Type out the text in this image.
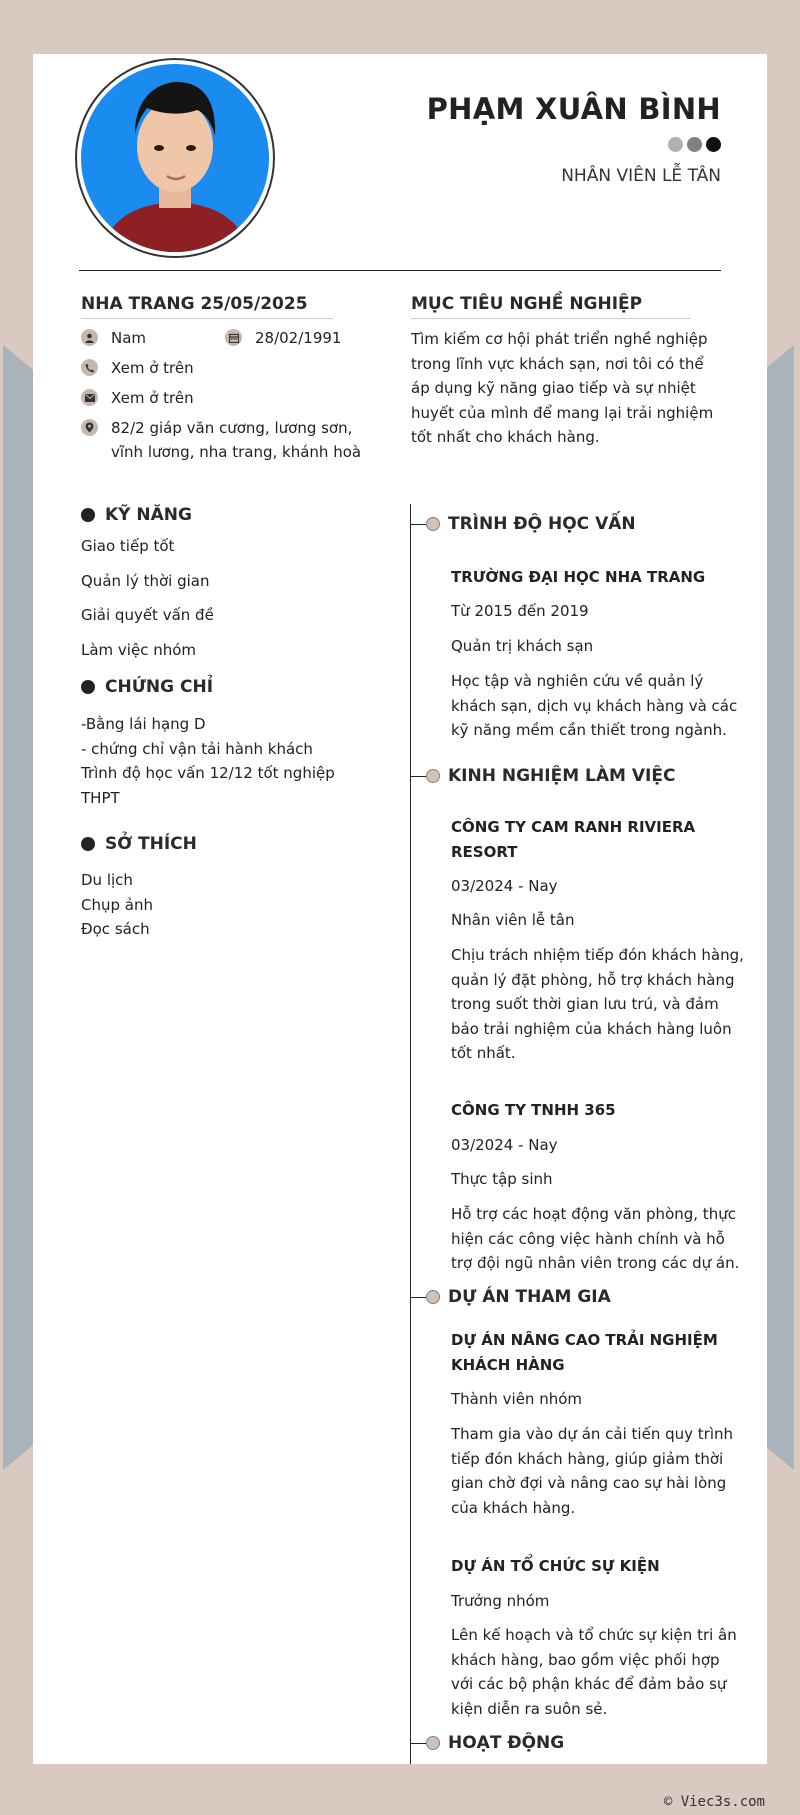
PHẠM XUÂN BÌNH
NHÂN VIÊN LỄ TÂN
NHA TRANG 25/05/2025
Nam	28/02/1991
Xem ở trên
Xem ở trên
82/2 giáp văn cương, lương sơn, vĩnh lương, nha trang, khánh hoà
MỤC TIÊU NGHỀ NGHIỆP
Tìm kiếm cơ hội phát triển nghề nghiệp trong lĩnh vực khách sạn, nơi tôi có thể áp dụng kỹ năng giao tiếp và sự nhiệt huyết của mình để mang lại trải nghiệm tốt nhất cho khách hàng.
KỸ NĂNG
Giao tiếp tốt
Quản lý thời gian
Giải quyết vấn đề
Làm việc nhóm
CHỨNG CHỈ
-Bằng lái hạng D
- chứng chỉ vận tải hành khách
Trình độ học vấn 12/12 tốt nghiệp THPT
SỞ THÍCH
Du lịch
Chụp ảnh
Đọc sách
TRÌNH ĐỘ HỌC VẤN
TRƯỜNG ĐẠI HỌC NHA TRANG
Từ 2015 đến 2019
Quản trị khách sạn
Học tập và nghiên cứu về quản lý khách sạn, dịch vụ khách hàng và các kỹ năng mềm cần thiết trong ngành.
KINH NGHIỆM LÀM VIỆC
CÔNG TY CAM RANH RIVIERA RESORT
03/2024 - Nay
Nhân viên lễ tân
Chịu trách nhiệm tiếp đón khách hàng, quản lý đặt phòng, hỗ trợ khách hàng trong suốt thời gian lưu trú, và đảm bảo trải nghiệm của khách hàng luôn tốt nhất.
CÔNG TY TNHH 365
03/2024 - Nay
Thực tập sinh
Hỗ trợ các hoạt động văn phòng, thực hiện các công việc hành chính và hỗ trợ đội ngũ nhân viên trong các dự án.
DỰ ÁN THAM GIA
DỰ ÁN NÂNG CAO TRẢI NGHIỆM KHÁCH HÀNG
Thành viên nhóm
Tham gia vào dự án cải tiến quy trình tiếp đón khách hàng, giúp giảm thời gian chờ đợi và nâng cao sự hài lòng của khách hàng.
DỰ ÁN TỔ CHỨC SỰ KIỆN
Trưởng nhóm
Lên kế hoạch và tổ chức sự kiện tri ân khách hàng, bao gồm việc phối hợp với các bộ phận khác để đảm bảo sự kiện diễn ra suôn sẻ.
HOẠT ĐỘNG
© Viec3s.com
